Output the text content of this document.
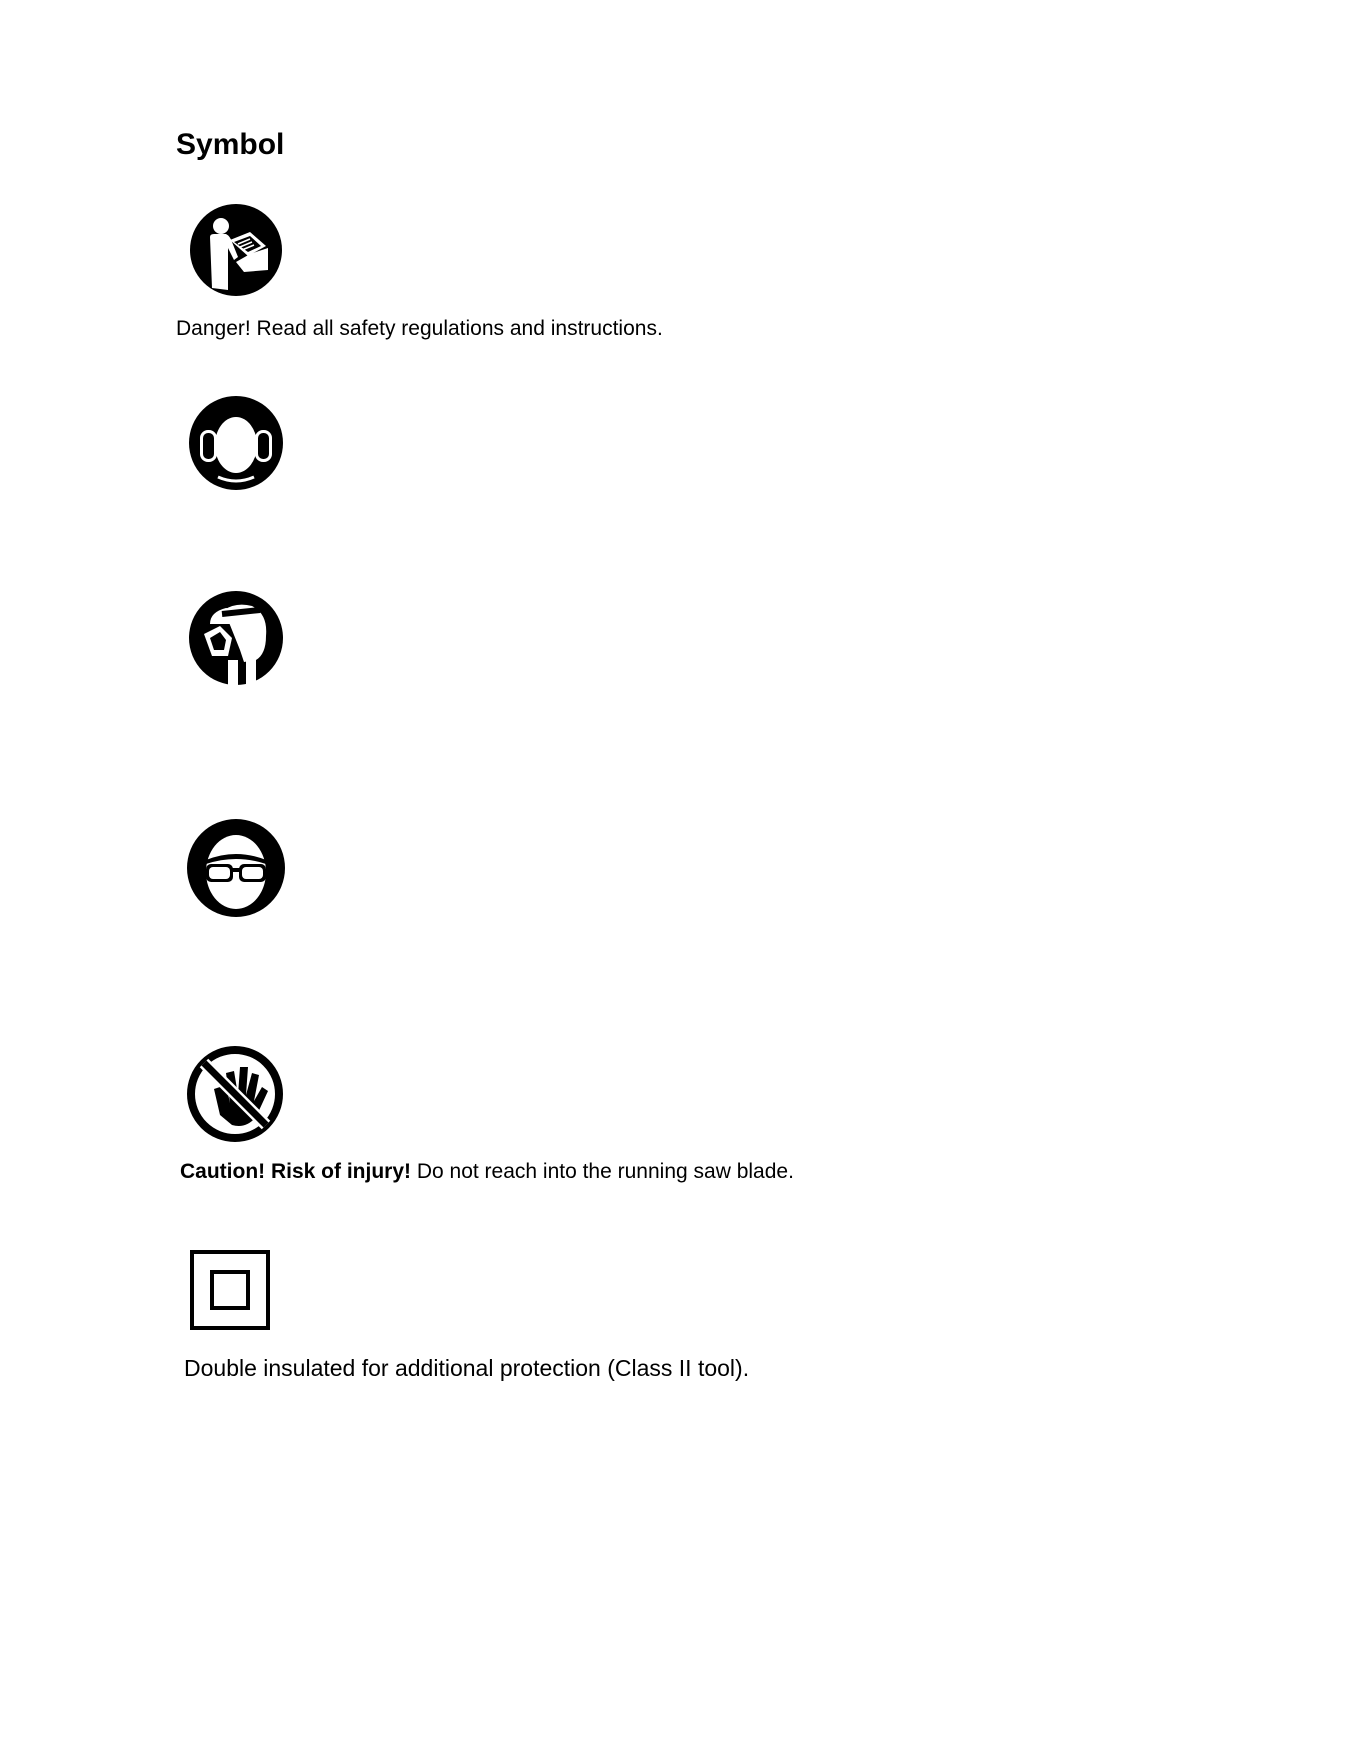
Symbol
Danger! Read all safety regulations and instructions.
Caution! Risk of injury! Do not reach into the running saw blade.
Double insulated for additional protection (Class II tool).
